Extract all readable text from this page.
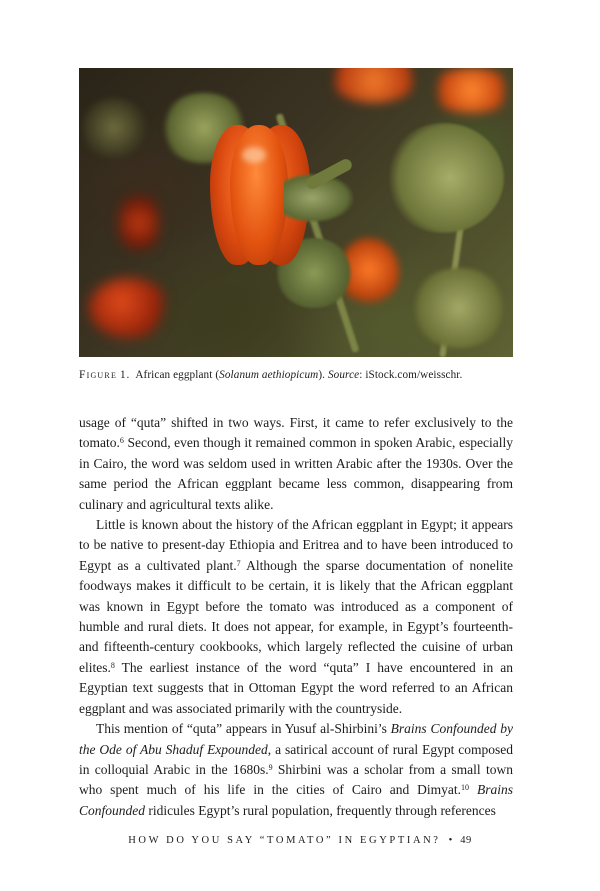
Figure 1. African eggplant (Solanum aethiopicum). Source: iStock.com/weisschr.

usage of “quta” shifted in two ways. First, it came to refer exclusively to the tomato.$^6$ Second, even though it remained common in spoken Arabic, especially in Cairo, the word was seldom used in written Arabic after the 1930s. Over the same period the African eggplant became less common, disappearing from culinary and agricultural texts alike.

Little is known about the history of the African eggplant in Egypt; it appears to be native to present-day Ethiopia and Eritrea and to have been introduced to Egypt as a cultivated plant.$^7$ Although the sparse documentation of nonelite foodways makes it difficult to be certain, it is likely that the African eggplant was known in Egypt before the tomato was introduced as a component of humble and rural diets. It does not appear, for example, in Egypt’s fourteenth- and fifteenth-century cookbooks, which largely reflected the cuisine of urban elites.$^8$ The earliest instance of the word “quta” I have encountered in an Egyptian text suggests that in Ottoman Egypt the word referred to an African eggplant and was associated primarily with the countryside.

This mention of “quta” appears in Yusuf al-Shirbini’s Brains Confounded by the Ode of Abu Shaduf Expounded, a satirical account of rural Egypt composed in colloquial Arabic in the 1680s.$^9$ Shirbini was a scholar from a small town who spent much of his life in the cities of Cairo and Dimyat.$^{10}$ Brains Confounded ridicules Egypt’s rural population, frequently through references

HOW DO YOU SAY “TOMATO” IN EGYPTIAN? • 49
